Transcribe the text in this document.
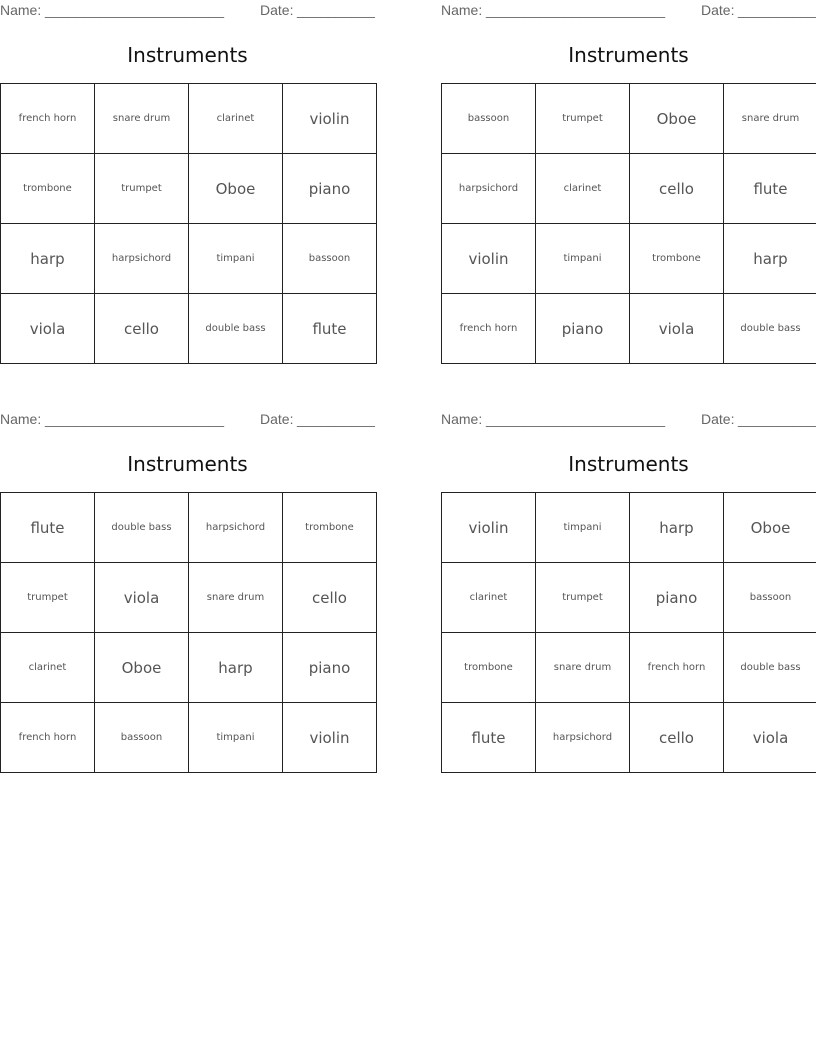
Name: _______________________	Date: __________
Instruments
french horn	snare drum	clarinet	violin
trombone	trumpet	Oboe	piano
harp	harpsichord	timpani	bassoon
viola	cello	double bass	flute
Name: _______________________	Date: __________
Instruments
bassoon	trumpet	Oboe	snare drum
harpsichord	clarinet	cello	flute
violin	timpani	trombone	harp
french horn	piano	viola	double bass
Name: _______________________	Date: __________
Instruments
flute	double bass	harpsichord	trombone
trumpet	viola	snare drum	cello
clarinet	Oboe	harp	piano
french horn	bassoon	timpani	violin
Name: _______________________	Date: __________
Instruments
violin	timpani	harp	Oboe
clarinet	trumpet	piano	bassoon
trombone	snare drum	french horn	double bass
flute	harpsichord	cello	viola
